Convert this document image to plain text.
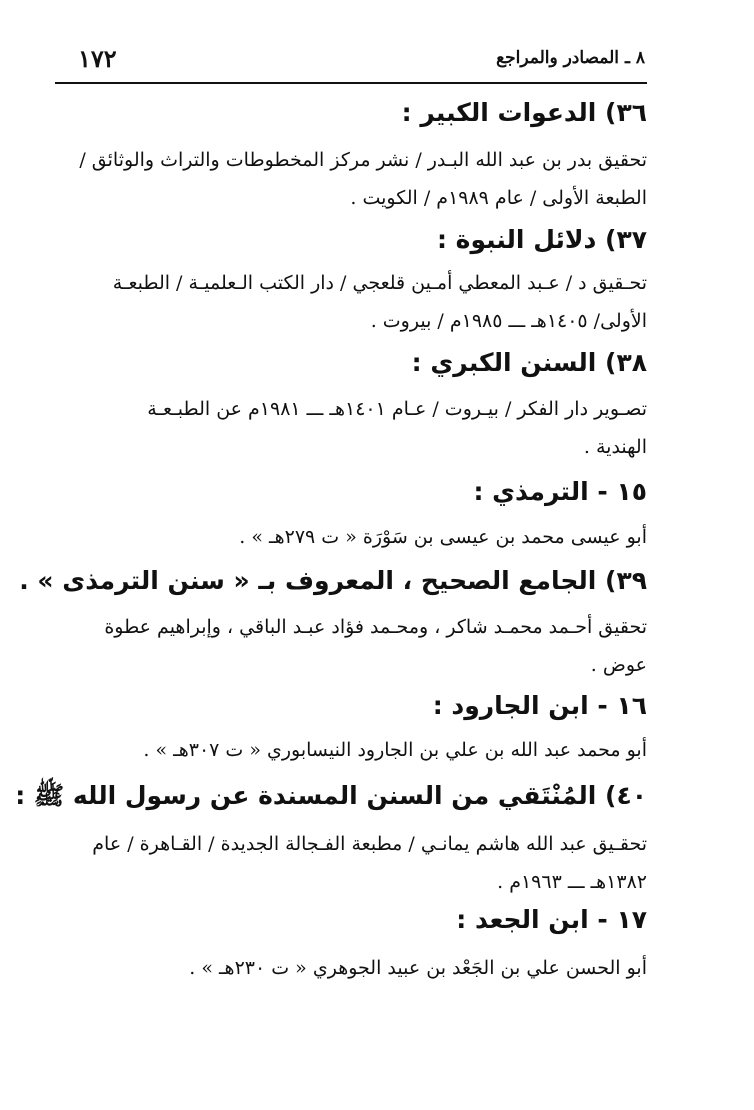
٨ ـ المصادر والمراجع
١٧٢
٣٦) الدعوات الكبير :
تحقيق بدر بن عبد الله البـدر / نشر مركز المخطوطات والتراث والوثائق /
الطبعة الأولى / عام ١٩٨٩م / الكويت .
٣٧) دلائل النبوة :
تحـقيق د / عـبد المعطي أمـين قلعجي / دار الكتب الـعلميـة / الطبعـة
الأولى/ ١٤٠٥هـ ـــ ١٩٨٥م / بيروت .
٣٨) السنن الكبري :
تصـوير دار الفكر / بيـروت / عـام ١٤٠١هـ ـــ ١٩٨١م عن الطبـعـة
الهندية .
١٥ - الترمذي :
أبو عيسى محمد بن عيسى بن سَوْرَة « ت ٢٧٩هـ » .
٣٩) الجامع الصحيح ، المعروف بـ « سنن الترمذى » .
تحقيق أحـمد محمـد شاكر ، ومحـمد فؤاد عبـد الباقي ، وإبراهيم عطوة
عوض .
١٦ - ابن الجارود :
أبو محمد عبد الله بن علي بن الجارود النيسابوري « ت ٣٠٧هـ » .
٤٠) المُنْتَقي من السنن المسندة عن رسول الله ﷺ :
تحقـيق عبد الله هاشم يمانـي / مطبعة الفـجالة الجديدة / القـاهرة / عام
١٣٨٢هـ ـــ ١٩٦٣م .
١٧ - ابن الجعد :
أبو الحسن علي بن الجَعْد بن عبيد الجوهري « ت ٢٣٠هـ » .
